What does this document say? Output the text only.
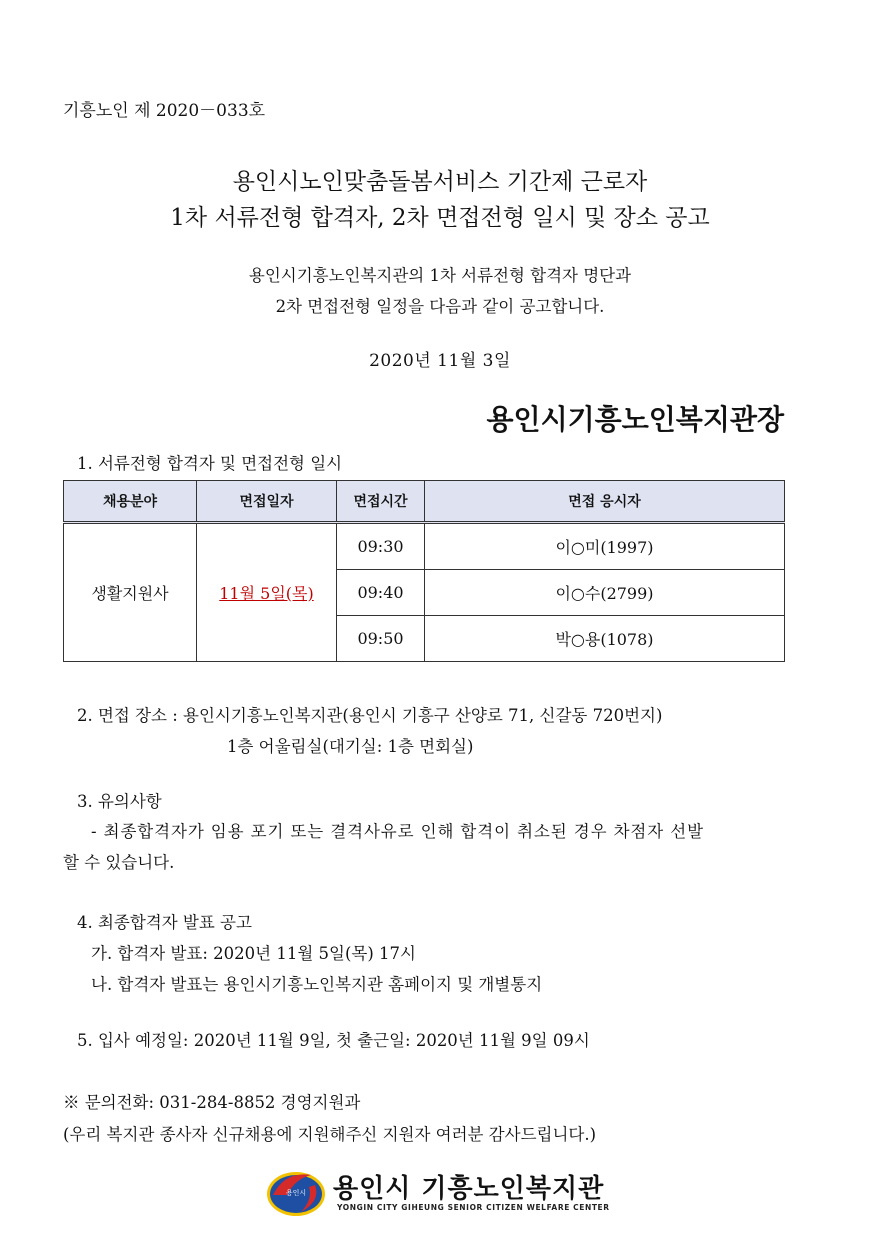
기흥노인 제 2020－033호
용인시노인맞춤돌봄서비스 기간제 근로자
1차 서류전형 합격자, 2차 면접전형 일시 및 장소 공고
용인시기흥노인복지관의 1차 서류전형 합격자 명단과
2차 면접전형 일정을 다음과 같이 공고합니다.
2020년 11월 3일
용인시기흥노인복지관장
1. 서류전형 합격자 및 면접전형 일시
채용분야	면접일자	면접시간	면접 응시자
생활지원사	11월 5일(목)	09:30	이○미(1997)
		09:40	이○수(2799)
		09:50	박○용(1078)
2. 면접 장소 : 용인시기흥노인복지관(용인시 기흥구 산양로 71, 신갈동 720번지)
1층 어울림실(대기실: 1층 면회실)
3. 유의사항
- 최종합격자가 임용 포기 또는 결격사유로 인해 합격이 취소된 경우 차점자 선발
할 수 있습니다.
4. 최종합격자 발표 공고
가. 합격자 발표: 2020년 11월 5일(목) 17시
나. 합격자 발표는 용인시기흥노인복지관 홈페이지 및 개별통지
5. 입사 예정일: 2020년 11월 9일, 첫 출근일: 2020년 11월 9일 09시
※ 문의전화: 031-284-8852 경영지원과
(우리 복지관 종사자 신규채용에 지원해주신 지원자 여러분 감사드립니다.)
용인시 용인시 기흥노인복지관
YONGIN CITY GIHEUNG SENIOR CITIZEN WELFARE CENTER
